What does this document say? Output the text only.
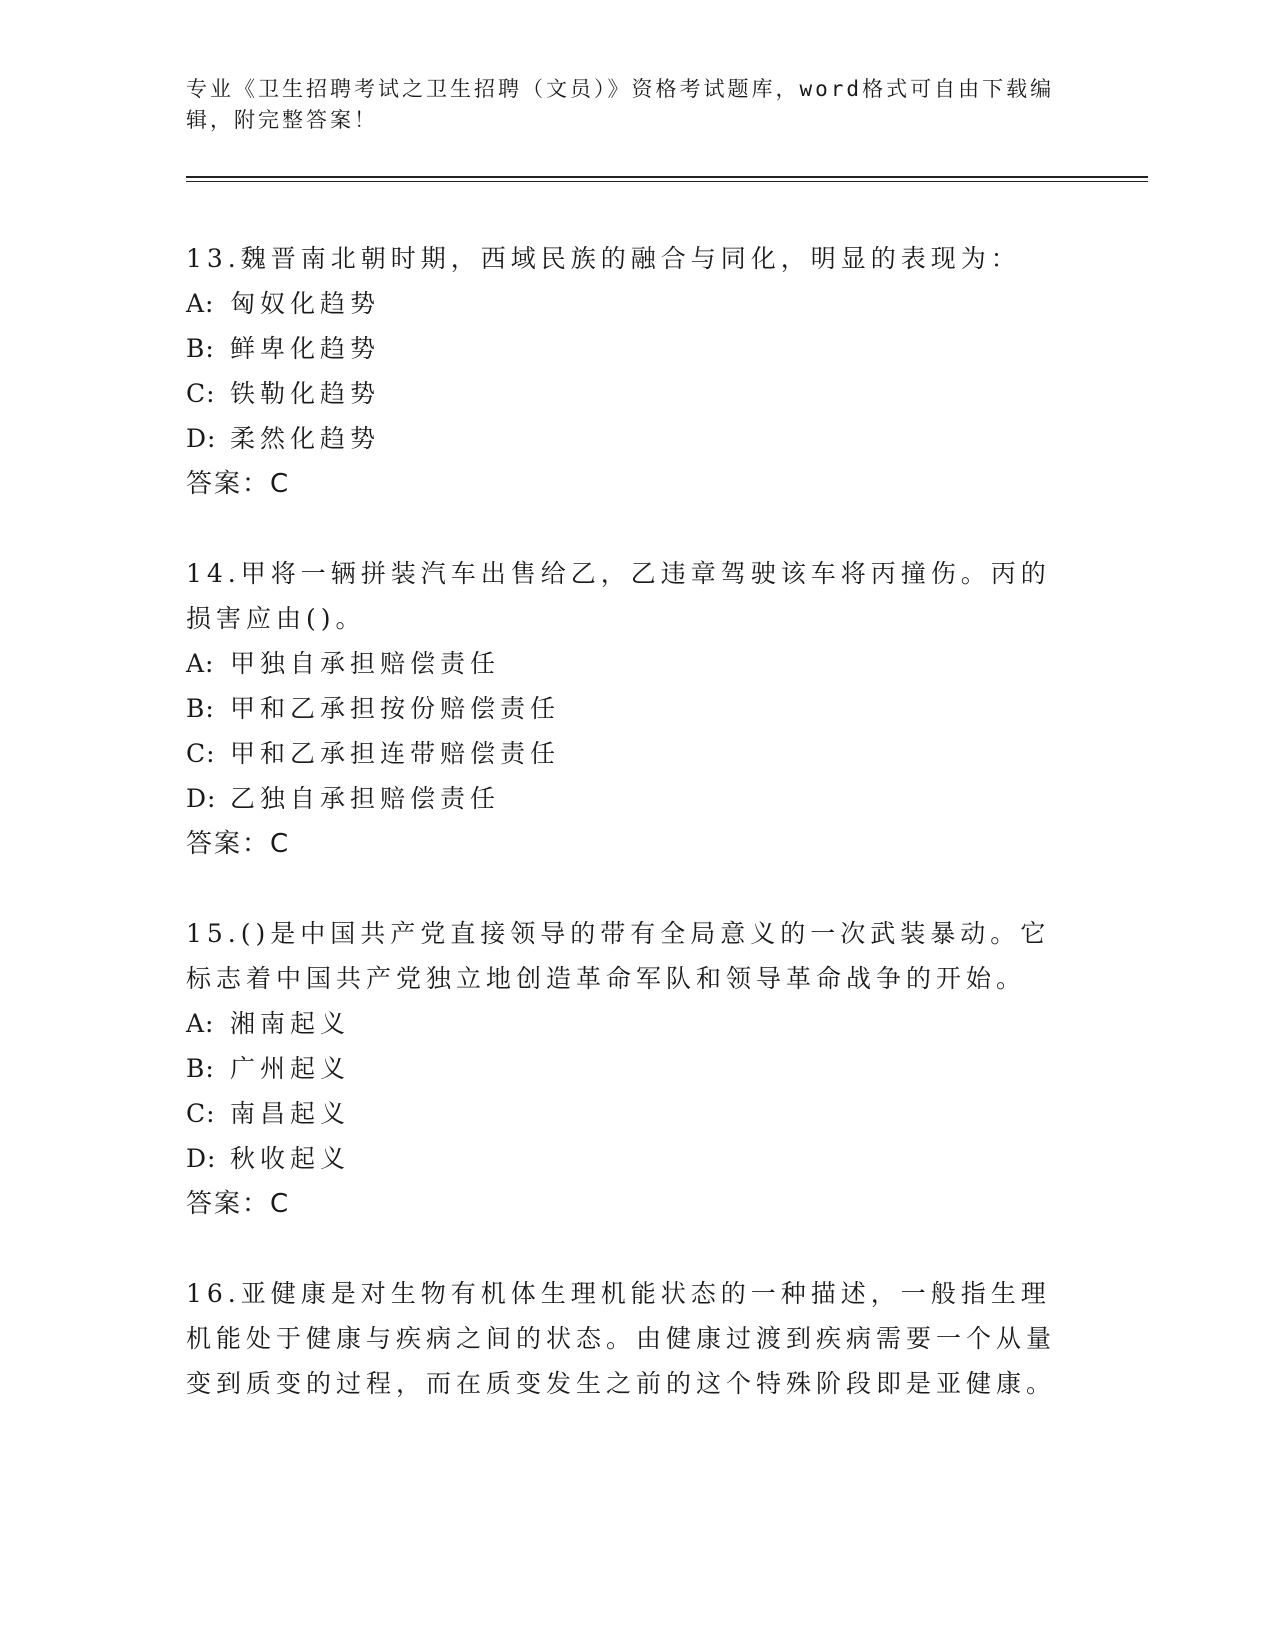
专业《卫生招聘考试之卫生招聘（文员）》资格考试题库，word格式可自由下载编辑，附完整答案！

13.魏晋南北朝时期，西域民族的融合与同化，明显的表现为：

A: 匈奴化趋势

B: 鲜卑化趋势

C: 铁勒化趋势

D: 柔然化趋势

答案：C

14.甲将一辆拼装汽车出售给乙，乙违章驾驶该车将丙撞伤。丙的损害应由()。

A: 甲独自承担赔偿责任

B: 甲和乙承担按份赔偿责任

C: 甲和乙承担连带赔偿责任

D: 乙独自承担赔偿责任

答案：C

15.()是中国共产党直接领导的带有全局意义的一次武装暴动。它标志着中国共产党独立地创造革命军队和领导革命战争的开始。

A: 湘南起义

B: 广州起义

C: 南昌起义

D: 秋收起义

答案：C

16.亚健康是对生物有机体生理机能状态的一种描述，一般指生理机能处于健康与疾病之间的状态。由健康过渡到疾病需要一个从量变到质变的过程，而在质变发生之前的这个特殊阶段即是亚健康。
